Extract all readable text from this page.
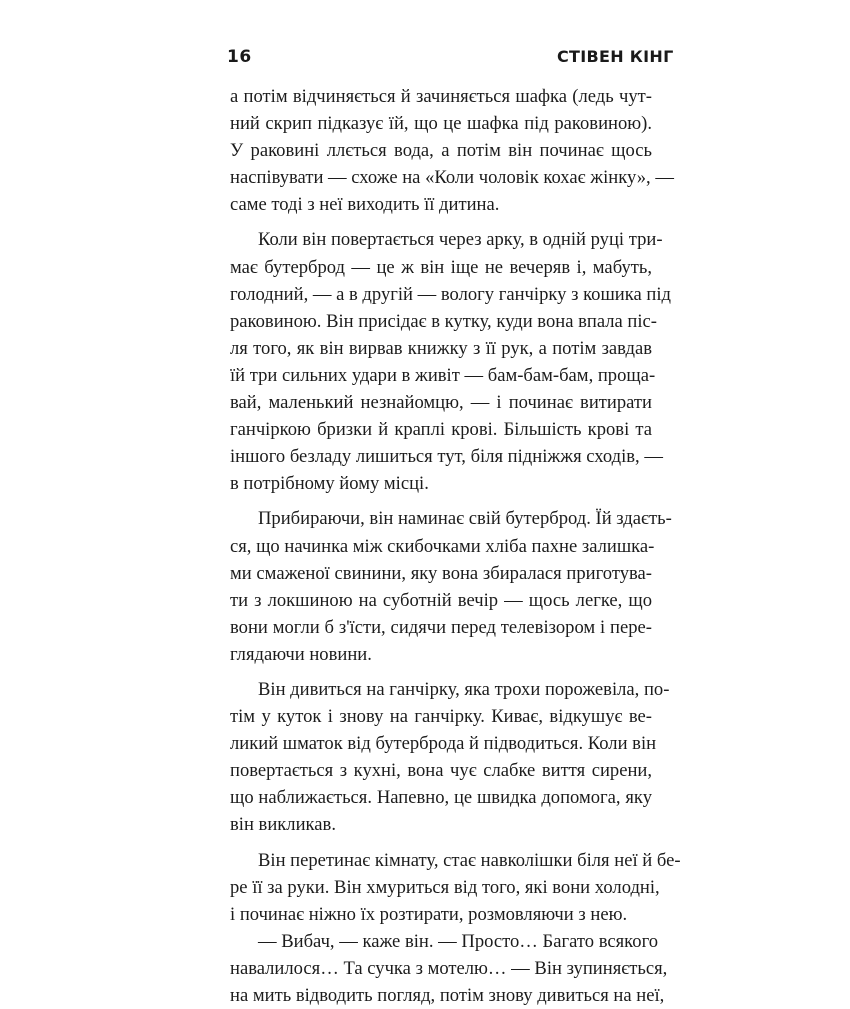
16	СТІВЕН КІНГ
а потім відчиняється й зачиняється шафка (ледь чут-
ний скрип підказує їй, що це шафка під раковиною).
У раковині ллється вода, а потім він починає щось
наспівувати — схоже на «Коли чоловік кохає жінку», —
саме тоді з неї виходить її дитина.
Коли він повертається через арку, в одній руці три-
має бутерброд — це ж він іще не вечеряв і, мабуть,
голодний, — а в другій — вологу ганчірку з кошика під
раковиною. Він присідає в кутку, куди вона впала піс-
ля того, як він вирвав книжку з її рук, а потім завдав
їй три сильних удари в живіт — бам-бам-бам, проща-
вай, маленький незнайомцю, — і починає витирати
ганчіркою бризки й краплі крові. Більшість крові та
іншого безладу лишиться тут, біля підніжжя сходів, —
в потрібному йому місці.
Прибираючи, він наминає свій бутерброд. Їй здаєть-
ся, що начинка між скибочками хліба пахне залишка-
ми смаженої свинини, яку вона збиралася приготува-
ти з локшиною на суботній вечір — щось легке, що
вони могли б з'їсти, сидячи перед телевізором і пере-
глядаючи новини.
Він дивиться на ганчірку, яка трохи порожевіла, по-
тім у куток і знову на ганчірку. Киває, відкушує ве-
ликий шматок від бутерброда й підводиться. Коли він
повертається з кухні, вона чує слабке виття сирени,
що наближається. Напевно, це швидка допомога, яку
він викликав.
Він перетинає кімнату, стає навколішки біля неї й бе-
ре її за руки. Він хмуриться від того, які вони холодні,
і починає ніжно їх розтирати, розмовляючи з нею.
— Вибач, — каже він. — Просто… Багато всякого
навалилося… Та сучка з мотелю… — Він зупиняється,
на мить відводить погляд, потім знову дивиться на неї,
